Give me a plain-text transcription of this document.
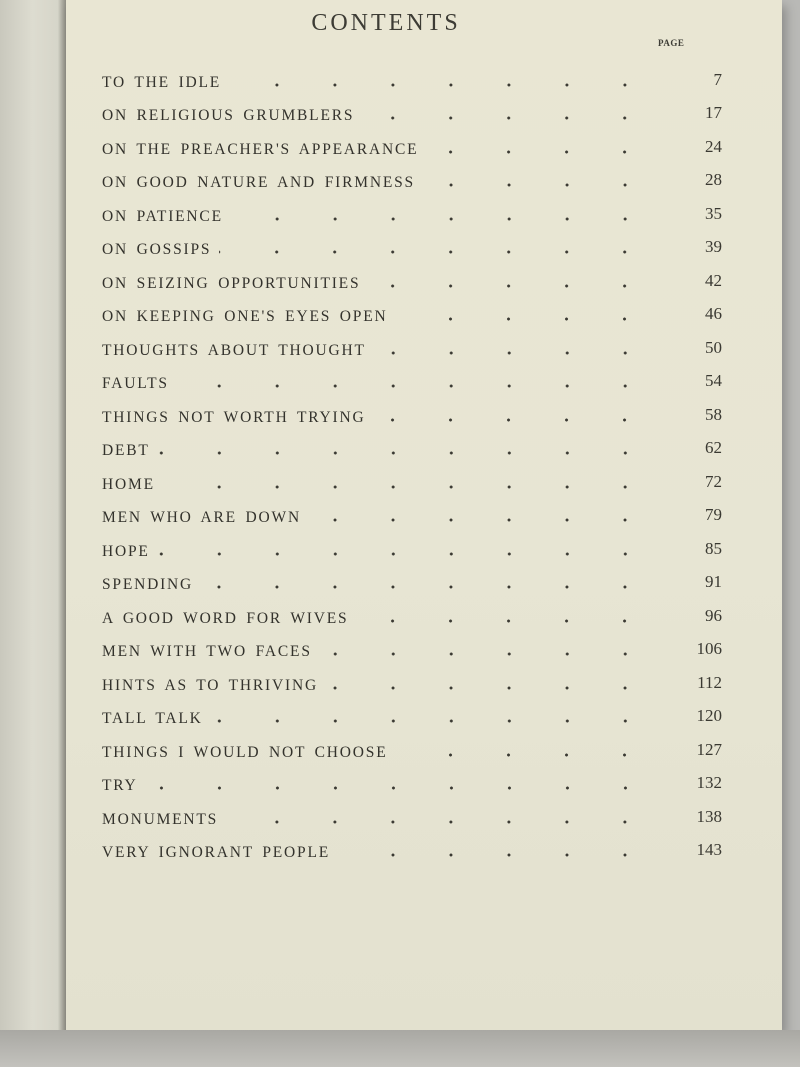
CONTENTS
PAGE
TO THE IDLE	7
ON RELIGIOUS GRUMBLERS	17
ON THE PREACHER'S APPEARANCE	24
ON GOOD NATURE AND FIRMNESS	28
ON PATIENCE	35
ON GOSSIPS	39
ON SEIZING OPPORTUNITIES	42
ON KEEPING ONE'S EYES OPEN	46
THOUGHTS ABOUT THOUGHT	50
FAULTS	54
THINGS NOT WORTH TRYING	58
DEBT	62
HOME	72
MEN WHO ARE DOWN	79
HOPE	85
SPENDING	91
A GOOD WORD FOR WIVES	96
MEN WITH TWO FACES	106
HINTS AS TO THRIVING	112
TALL TALK	120
THINGS I WOULD NOT CHOOSE	127
TRY	132
MONUMENTS	138
VERY IGNORANT PEOPLE	143
